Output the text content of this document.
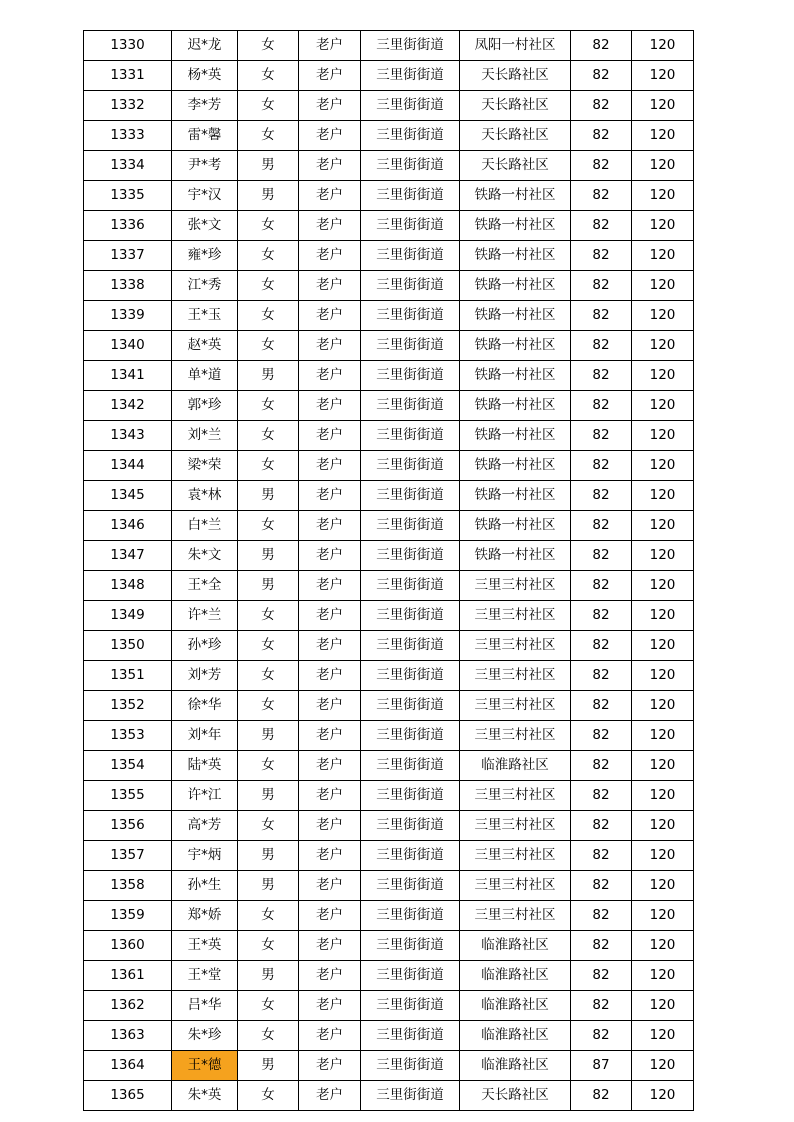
1330	迟*龙	女	老户	三里街街道	凤阳一村社区	82	120
1331	杨*英	女	老户	三里街街道	天长路社区	82	120
1332	李*芳	女	老户	三里街街道	天长路社区	82	120
1333	雷*馨	女	老户	三里街街道	天长路社区	82	120
1334	尹*考	男	老户	三里街街道	天长路社区	82	120
1335	宇*汉	男	老户	三里街街道	铁路一村社区	82	120
1336	张*文	女	老户	三里街街道	铁路一村社区	82	120
1337	雍*珍	女	老户	三里街街道	铁路一村社区	82	120
1338	江*秀	女	老户	三里街街道	铁路一村社区	82	120
1339	王*玉	女	老户	三里街街道	铁路一村社区	82	120
1340	赵*英	女	老户	三里街街道	铁路一村社区	82	120
1341	单*道	男	老户	三里街街道	铁路一村社区	82	120
1342	郭*珍	女	老户	三里街街道	铁路一村社区	82	120
1343	刘*兰	女	老户	三里街街道	铁路一村社区	82	120
1344	梁*荣	女	老户	三里街街道	铁路一村社区	82	120
1345	袁*林	男	老户	三里街街道	铁路一村社区	82	120
1346	白*兰	女	老户	三里街街道	铁路一村社区	82	120
1347	朱*文	男	老户	三里街街道	铁路一村社区	82	120
1348	王*全	男	老户	三里街街道	三里三村社区	82	120
1349	许*兰	女	老户	三里街街道	三里三村社区	82	120
1350	孙*珍	女	老户	三里街街道	三里三村社区	82	120
1351	刘*芳	女	老户	三里街街道	三里三村社区	82	120
1352	徐*华	女	老户	三里街街道	三里三村社区	82	120
1353	刘*年	男	老户	三里街街道	三里三村社区	82	120
1354	陆*英	女	老户	三里街街道	临淮路社区	82	120
1355	许*江	男	老户	三里街街道	三里三村社区	82	120
1356	高*芳	女	老户	三里街街道	三里三村社区	82	120
1357	宇*炳	男	老户	三里街街道	三里三村社区	82	120
1358	孙*生	男	老户	三里街街道	三里三村社区	82	120
1359	郑*娇	女	老户	三里街街道	三里三村社区	82	120
1360	王*英	女	老户	三里街街道	临淮路社区	82	120
1361	王*堂	男	老户	三里街街道	临淮路社区	82	120
1362	吕*华	女	老户	三里街街道	临淮路社区	82	120
1363	朱*珍	女	老户	三里街街道	临淮路社区	82	120
1364	王*德	男	老户	三里街街道	临淮路社区	87	120
1365	朱*英	女	老户	三里街街道	天长路社区	82	120
